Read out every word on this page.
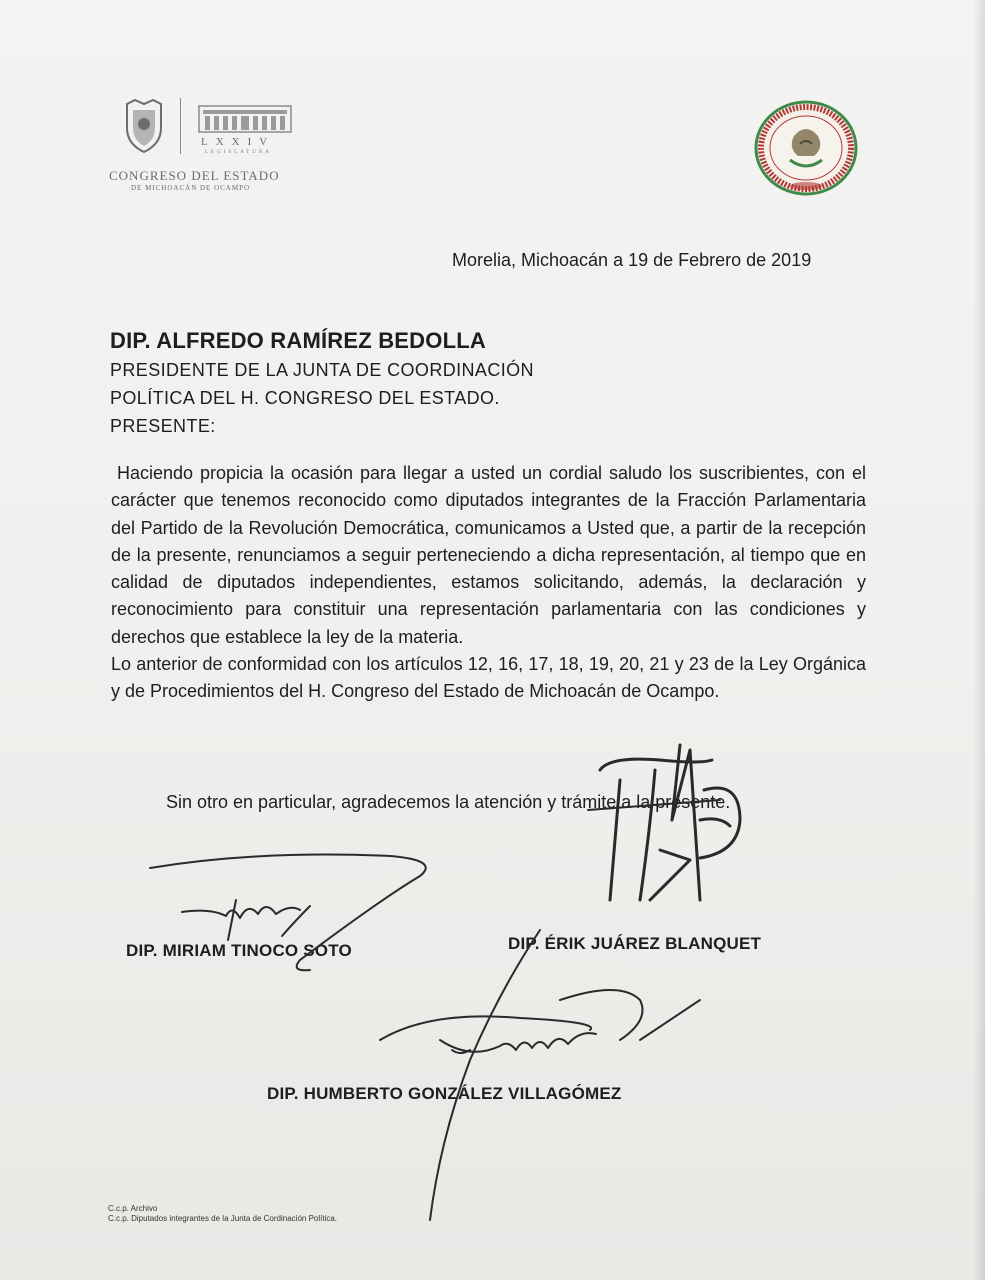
LXXIV
LEGISLATURA
CONGRESO DEL ESTADO
DE MICHOACÁN DE OCAMPO
Morelia, Michoacán a 19 de Febrero de 2019
DIP. ALFREDO RAMÍREZ BEDOLLA
PRESIDENTE DE LA JUNTA DE COORDINACIÓN
POLÍTICA DEL H. CONGRESO DEL ESTADO.
PRESENTE:

Haciendo propicia la ocasión para llegar a usted un cordial saludo los suscribientes, con el carácter que tenemos reconocido como diputados integrantes de la Fracción Parlamentaria del Partido de la Revolución Democrática, comunicamos a Usted que, a partir de la recepción de la presente, renunciamos a seguir perteneciendo a dicha representación, al tiempo que en calidad de diputados independientes, estamos solicitando, además, la declaración y reconocimiento para constituir una representación parlamentaria con las condiciones y derechos que establece la ley de la materia.

Lo anterior de conformidad con los artículos 12, 16, 17, 18, 19, 20, 21 y 23 de la Ley Orgánica y de Procedimientos del H. Congreso del Estado de Michoacán de Ocampo.

Sin otro en particular, agradecemos la atención y trámite a la presente.
DIP. MIRIAM TINOCO SOTO	DIP. ÉRIK JUÁREZ BLANQUET
DIP. HUMBERTO GONZÁLEZ VILLAGÓMEZ
C.c.p. Archivo
C.c.p. Diputados integrantes de la Junta de Cordinación Política.
